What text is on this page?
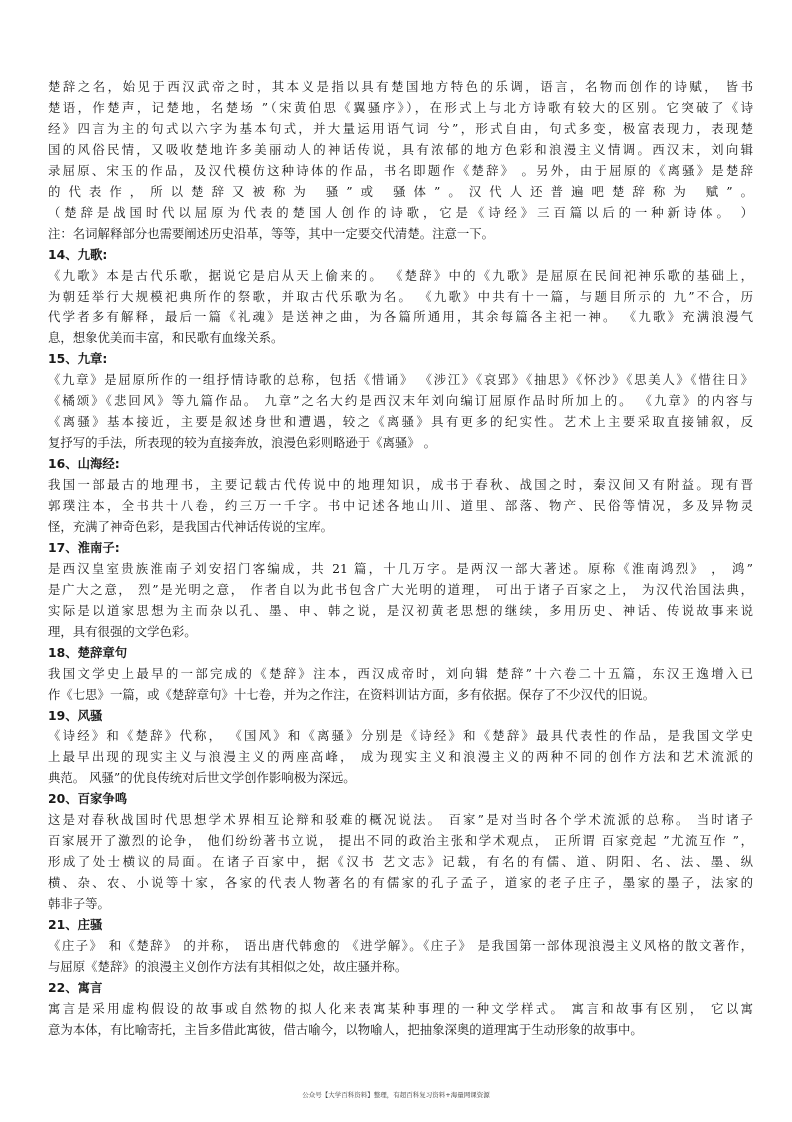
楚辞之名，始见于西汉武帝之时，其本义是指以具有楚国地方特色的乐调，语言，名物而创作的诗赋， 皆书
楚语，作楚声，记楚地，名楚场 ”（宋黄伯思《翼骚序》），在形式上与北方诗歌有较大的区别。它突破了《诗
经》四言为主的句式以六字为基本句式，并大量运用语气词 兮”，形式自由，句式多变，极富表现力，表现楚
国的风俗民情，又吸收楚地许多美丽动人的神话传说，具有浓郁的地方色彩和浪漫主义情调。西汉末，刘向辑
录屈原、宋玉的作品，及汉代模仿这种诗体的作品，书名即题作《楚辞》 。另外，由于屈原的《离骚》是楚辞
的代表作，所以楚辞又被称为 骚”或 骚体”。汉代人还普遍吧楚辞称为 赋”。
（楚辞是战国时代以屈原为代表的楚国人创作的诗歌，它是《诗经》三百篇以后的一种新诗体。 ）
注：名词解释部分也需要阐述历史沿革，等等，其中一定要交代清楚。注意一下。
14、九歌:
《九歌》本是古代乐歌，据说它是启从天上偷来的。 《楚辞》中的《九歌》是屈原在民间祀神乐歌的基础上，
为朝廷举行大规模祀典所作的祭歌，并取古代乐歌为名。 《九歌》中共有十一篇，与题目所示的 九”不合，历
代学者多有解释，最后一篇《礼魂》是送神之曲，为各篇所通用，其余每篇各主祀一神。 《九歌》充满浪漫气
息，想象优美而丰富，和民歌有血缘关系。
15、九章:
《九章》是屈原所作的一组抒情诗歌的总称，包括《惜诵》 《涉江》《哀郢》《抽思》《怀沙》《思美人》《惜往日》
《橘颂》《悲回风》等九篇作品。 九章”之名大约是西汉末年刘向编订屈原作品时所加上的。 《九章》的内容与
《离骚》基本接近，主要是叙述身世和遭遇，较之《离骚》具有更多的纪实性。艺术上主要采取直接铺叙，反
复抒写的手法，所表现的较为直接奔放，浪漫色彩则略逊于《离骚》 。
16、山海经:
我国一部最古的地理书，主要记载古代传说中的地理知识，成书于春秋、战国之时，秦汉间又有附益。现有晋
郭璞注本，全书共十八卷，约三万一千字。书中记述各地山川、道里、部落、物产、民俗等情况，多及异物灵
怪，充满了神奇色彩，是我国古代神话传说的宝库。
17、淮南子:
是西汉皇室贵族淮南子刘安招门客编成，共 21 篇，十几万字。是两汉一部大著述。原称《淮南鸿烈》 ， 鸿”
是广大之意， 烈”是光明之意， 作者自以为此书包含广大光明的道理， 可出于诸子百家之上， 为汉代治国法典，
实际是以道家思想为主而杂以孔、墨、申、韩之说，是汉初黄老思想的继续，多用历史、神话、传说故事来说
理，具有很强的文学色彩。
18、楚辞章句
我国文学史上最早的一部完成的《楚辞》注本，西汉成帝时，刘向辑 楚辞”十六卷二十五篇，东汉王逸增入已
作《七思》一篇，或《楚辞章句》十七卷，并为之作注，在资料训诂方面，多有依据。保存了不少汉代的旧说。
19、风骚
《诗经》和《楚辞》代称， 《国风》和《离骚》分别是《诗经》和《楚辞》最具代表性的作品，是我国文学史
上最早出现的现实主义与浪漫主义的两座高峰， 成为现实主义和浪漫主义的两种不同的创作方法和艺术流派的
典范。 风骚”的优良传统对后世文学创作影响极为深远。
20、百家争鸣
这是对春秋战国时代思想学术界相互论辩和驳难的概况说法。 百家”是对当时各个学术流派的总称。 当时诸子
百家展开了激烈的论争， 他们纷纷著书立说， 提出不同的政治主张和学术观点， 正所谓 百家竞起 ”尤流互作 ”，
形成了处士横议的局面。在诸子百家中，据《汉书 艺文志》记载，有名的有儒、道、阴阳、名、法、墨、纵
横、杂、农、小说等十家，各家的代表人物著名的有儒家的孔子孟子，道家的老子庄子，墨家的墨子，法家的
韩非子等。
21、庄骚
《庄子》 和《楚辞》 的并称， 语出唐代韩愈的 《进学解》。《庄子》 是我国第一部体现浪漫主义风格的散文著作，
与屈原《楚辞》的浪漫主义创作方法有其相似之处，故庄骚并称。
22、寓言
寓言是采用虚构假设的故事或自然物的拟人化来表寓某种事理的一种文学样式。 寓言和故事有区别， 它以寓
意为本体，有比喻寄托，主旨多借此寓彼，借古喻今，以物喻人，把抽象深奥的道理寓于生动形象的故事中。
公众号【大学百科资料】整理，有超百科复习资料+海量网课资源
